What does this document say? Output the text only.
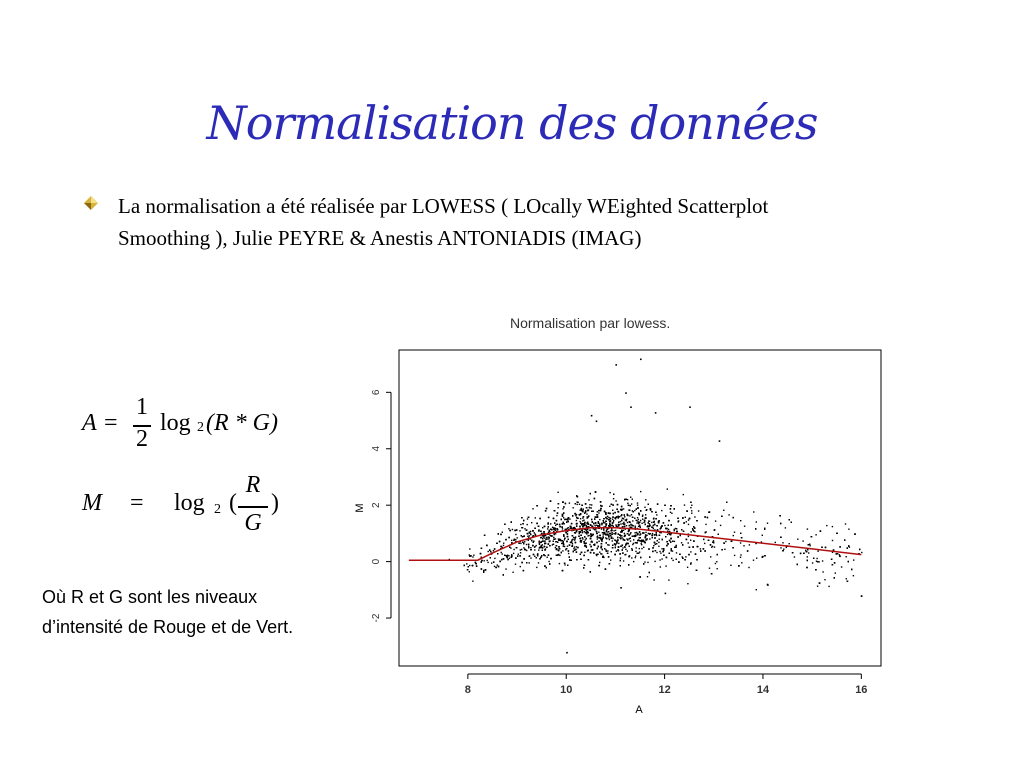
Normalisation des données
La normalisation a été réalisée par LOWESS ( LOcally WEighted Scatterplot
Smoothing ), Julie PEYRE & Anestis ANTONIADIS (IMAG)
A =
1
2
log 2 (R * G)
M = log 2 (
R
G
)
Où R et G sont les niveaux
d’intensité de Rouge et de Vert.
Normalisation par lowess.
8	10	12	14	16
-2
0
2
4
6
A
M
